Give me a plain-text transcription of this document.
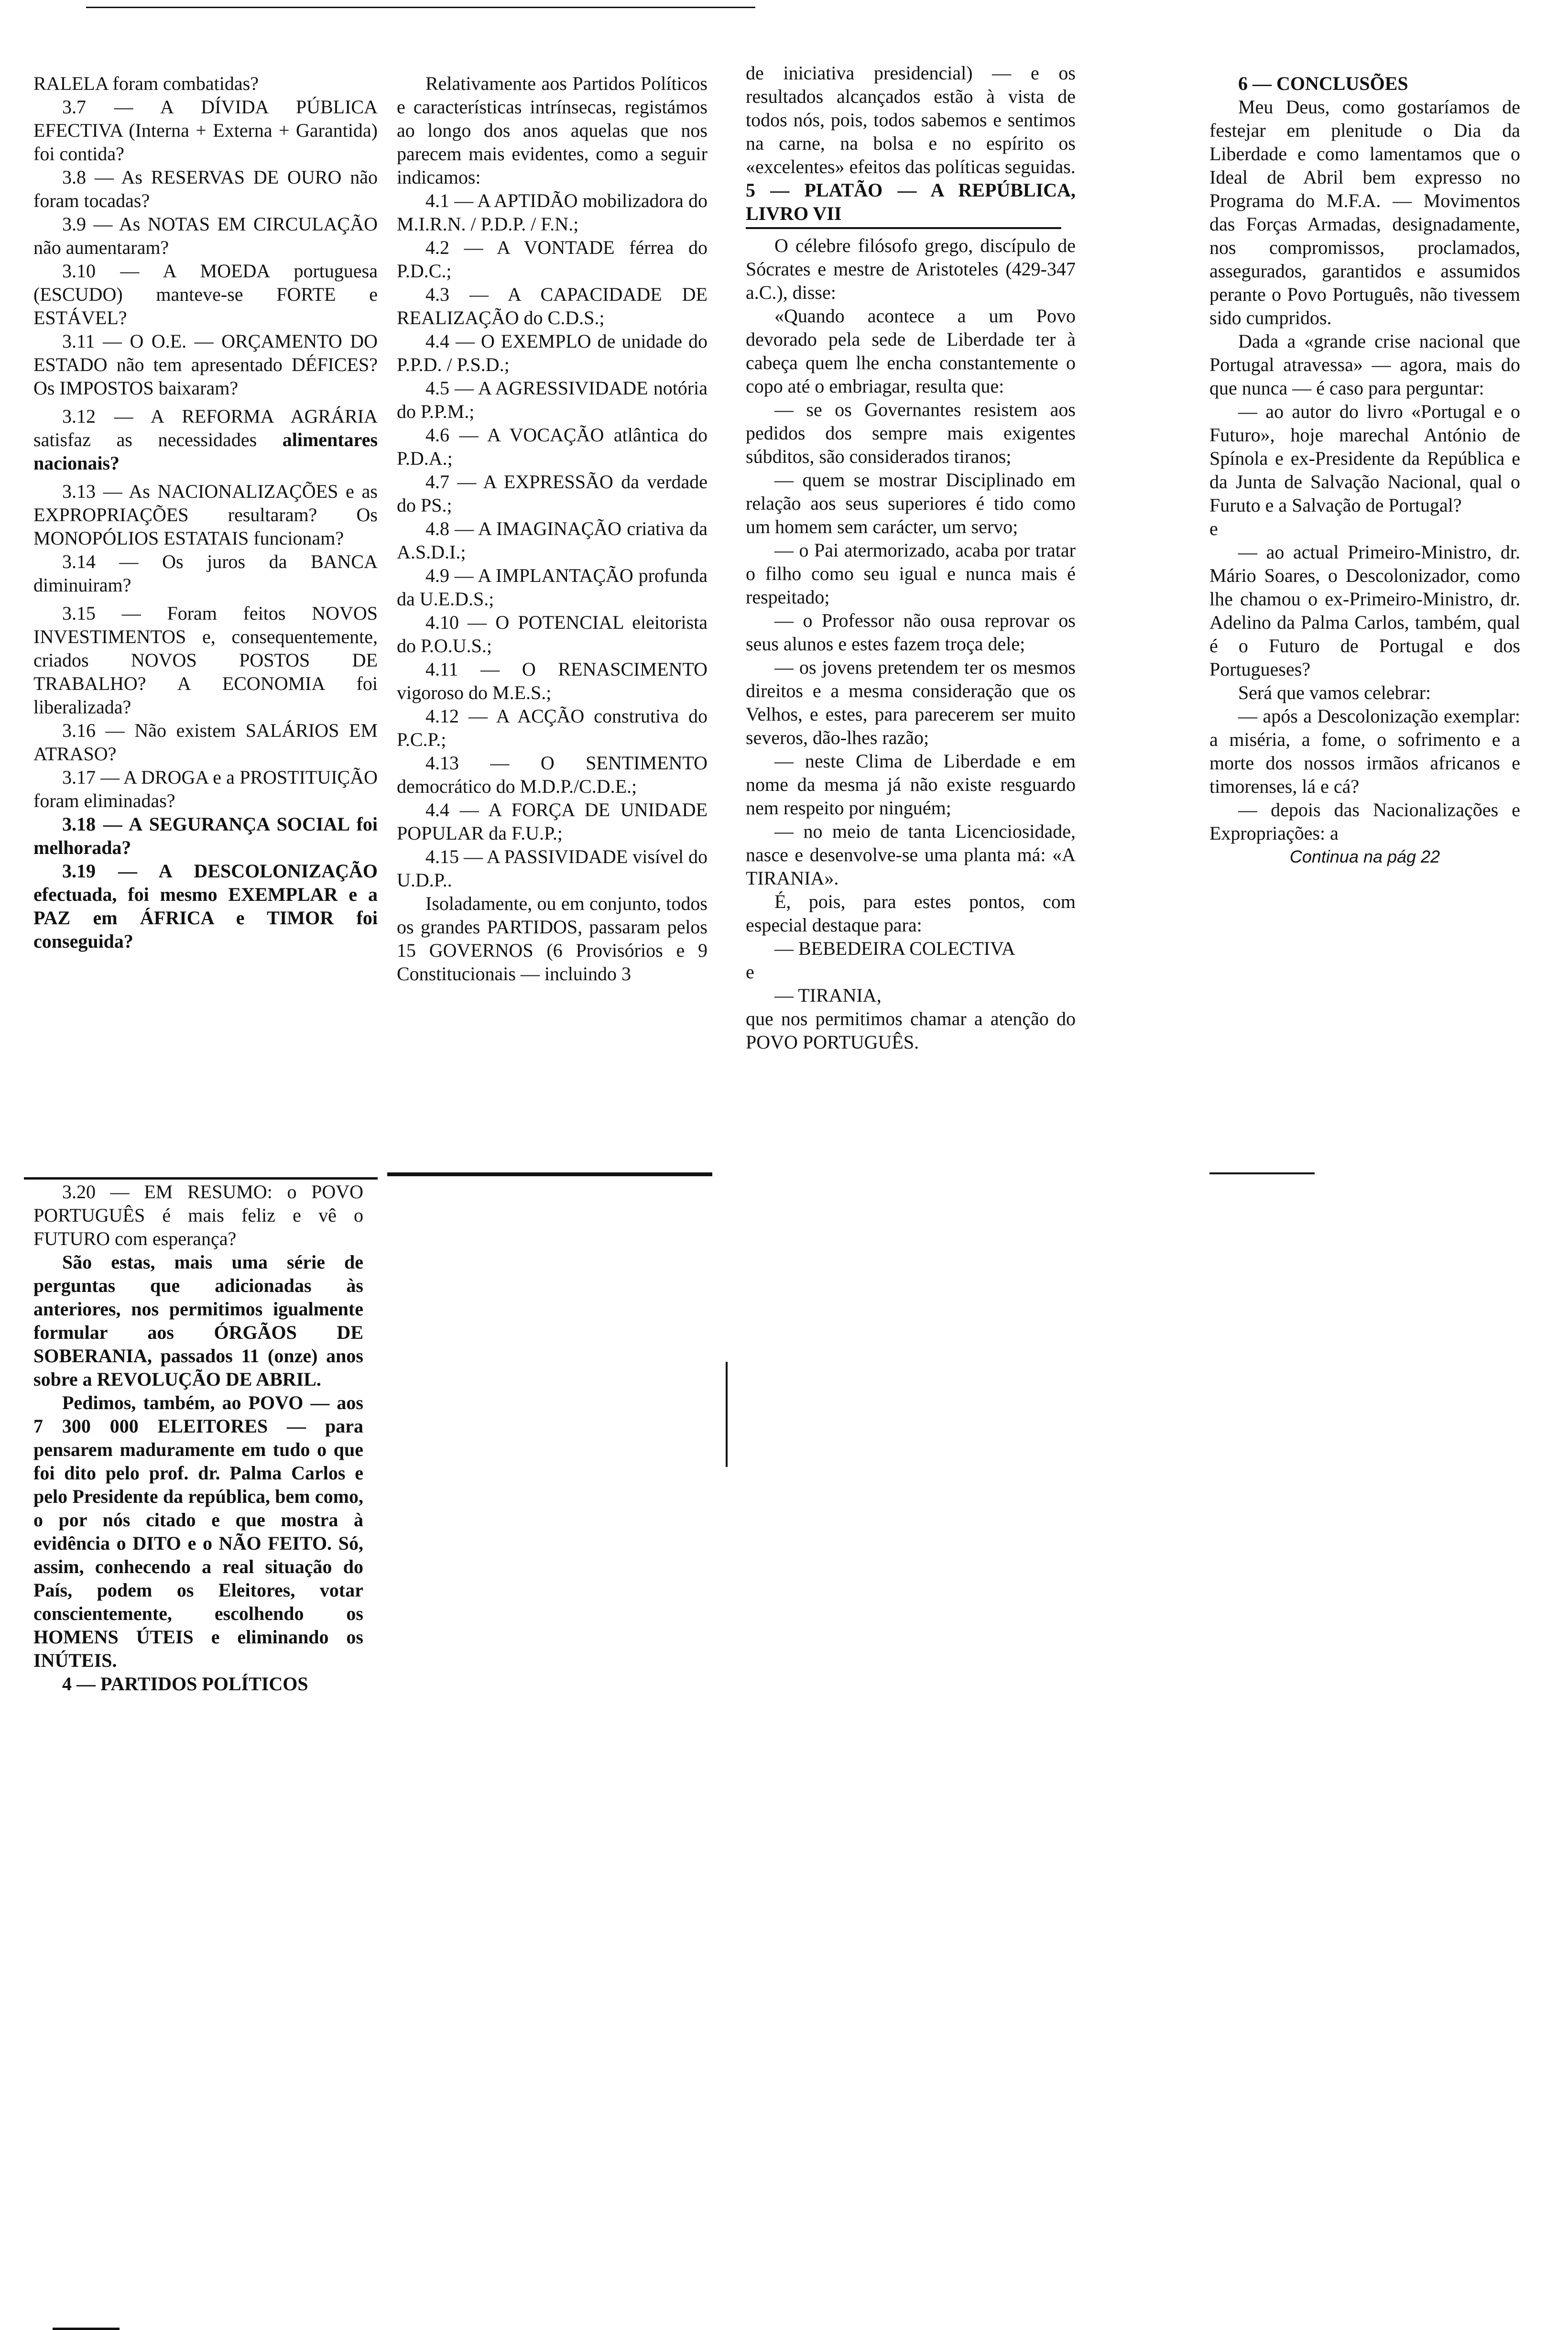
RALELA foram combatidas?

3.7 — A DÍVIDA PÚBLICA EFECTIVA (Interna + Externa + Garantida) foi contida?

3.8 — As RESERVAS DE OURO não foram tocadas?

3.9 — As NOTAS EM CIRCULAÇÃO não aumentaram?

3.10 — A MOEDA portuguesa (ESCUDO) manteve-se FORTE e ESTÁVEL?

3.11 — O O.E. — ORÇAMENTO DO ESTADO não tem apresentado DÉFICES? Os IMPOSTOS baixaram?

3.12 — A REFORMA AGRÁRIA satisfaz as necessidades alimentares nacionais?

3.13 — As NACIONALIZAÇÕES e as EXPROPRIAÇÕES resultaram? Os MONOPÓLIOS ESTATAIS funcionam?

3.14 — Os juros da BANCA diminuiram?

3.15 — Foram feitos NOVOS INVESTIMENTOS e, consequentemente, criados NOVOS POSTOS DE TRABALHO? A ECONOMIA foi liberalizada?

3.16 — Não existem SALÁRIOS EM ATRASO?

3.17 — A DROGA e a PROSTITUIÇÃO foram eliminadas?

3.18 — A SEGURANÇA SOCIAL foi melhorada?

3.19 — A DESCOLONIZAÇÃO efectuada, foi mesmo EXEMPLAR e a PAZ em ÁFRICA e TIMOR foi conseguida?

3.20 — EM RESUMO: o POVO PORTUGUÊS é mais feliz e vê o FUTURO com esperança?

São estas, mais uma série de perguntas que adicionadas às anteriores, nos permitimos igualmente formular aos ÓRGÃOS DE SOBERANIA, passados 11 (onze) anos sobre a REVOLUÇÃO DE ABRIL.

Pedimos, também, ao POVO — aos 7 300 000 ELEITORES — para pensarem maduramente em tudo o que foi dito pelo prof. dr. Palma Carlos e pelo Presidente da república, bem como, o por nós citado e que mostra à evidência o DITO e o NÃO FEITO. Só, assim, conhecendo a real situação do País, podem os Eleitores, votar conscientemente, escolhendo os HOMENS ÚTEIS e eliminando os INÚTEIS.

4 — PARTIDOS POLÍTICOS

Relativamente aos Partidos Políticos e características intrínsecas, registámos ao longo dos anos aquelas que nos parecem mais evidentes, como a seguir indicamos:

4.1 — A APTIDÃO mobilizadora do M.I.R.N. / P.D.P. / F.N.;

4.2 — A VONTADE férrea do P.D.C.;

4.3 — A CAPACIDADE DE REALIZAÇÃO do C.D.S.;

4.4 — O EXEMPLO de unidade do P.P.D. / P.S.D.;

4.5 — A AGRESSIVIDADE notória do P.P.M.;

4.6 — A VOCAÇÃO atlântica do P.D.A.;

4.7 — A EXPRESSÃO da verdade do PS.;

4.8 — A IMAGINAÇÃO criativa da A.S.D.I.;

4.9 — A IMPLANTAÇÃO profunda da U.E.D.S.;

4.10 — O POTENCIAL eleitorista do P.O.U.S.;

4.11 — O RENASCIMENTO vigoroso do M.E.S.;

4.12 — A ACÇÃO construtiva do P.C.P.;

4.13 — O SENTIMENTO democrático do M.D.P./C.D.E.;

4.4 — A FORÇA DE UNIDADE POPULAR da F.U.P.;

4.15 — A PASSIVIDADE visível do U.D.P..

Isoladamente, ou em conjunto, todos os grandes PARTIDOS, passaram pelos 15 GOVERNOS (6 Provisórios e 9 Constitucionais — incluindo 3

de iniciativa presidencial) — e os resultados alcançados estão à vista de todos nós, pois, todos sabemos e sentimos na carne, na bolsa e no espírito os «excelentes» efeitos das políticas seguidas.

5 — PLATÃO — A REPÚBLICA, LIVRO VII

O célebre filósofo grego, discípulo de Sócrates e mestre de Aristoteles (429-347 a.C.), disse:

«Quando acontece a um Povo devorado pela sede de Liberdade ter à cabeça quem lhe encha constantemente o copo até o embriagar, resulta que:

— se os Governantes resistem aos pedidos dos sempre mais exigentes súbditos, são considerados tiranos;

— quem se mostrar Disciplinado em relação aos seus superiores é tido como um homem sem carácter, um servo;

— o Pai atermorizado, acaba por tratar o filho como seu igual e nunca mais é respeitado;

— o Professor não ousa reprovar os seus alunos e estes fazem troça dele;

— os jovens pretendem ter os mesmos direitos e a mesma consideração que os Velhos, e estes, para parecerem ser muito severos, dão-lhes razão;

— neste Clima de Liberdade e em nome da mesma já não existe resguardo nem respeito por ninguém;

— no meio de tanta Licenciosidade, nasce e desenvolve-se uma planta má: «A TIRANIA».

É, pois, para estes pontos, com especial destaque para:

— BEBEDEIRA COLECTIVA

e

— TIRANIA,

que nos permitimos chamar a atenção do POVO PORTUGUÊS.

6 — CONCLUSÕES

Meu Deus, como gostaríamos de festejar em plenitude o Dia da Liberdade e como lamentamos que o Ideal de Abril bem expresso no Programa do M.F.A. — Movimentos das Forças Armadas, designadamente, nos compromissos, proclamados, assegurados, garantidos e assumidos perante o Povo Português, não tivessem sido cumpridos.

Dada a «grande crise nacional que Portugal atravessa» — agora, mais do que nunca — é caso para perguntar:

— ao autor do livro «Portugal e o Futuro», hoje marechal António de Spínola e ex-Presidente da República e da Junta de Salvação Nacional, qual o Furuto e a Salvação de Portugal?

e

— ao actual Primeiro-Ministro, dr. Mário Soares, o Descolonizador, como lhe chamou o ex-Primeiro-Ministro, dr. Adelino da Palma Carlos, também, qual é o Futuro de Portugal e dos Portugueses?

Será que vamos celebrar:

— após a Descolonização exemplar: a miséria, a fome, o sofrimento e a morte dos nossos irmãos africanos e timorenses, lá e cá?

— depois das Nacionalizações e Expropriações: a

Continua na pág 22
